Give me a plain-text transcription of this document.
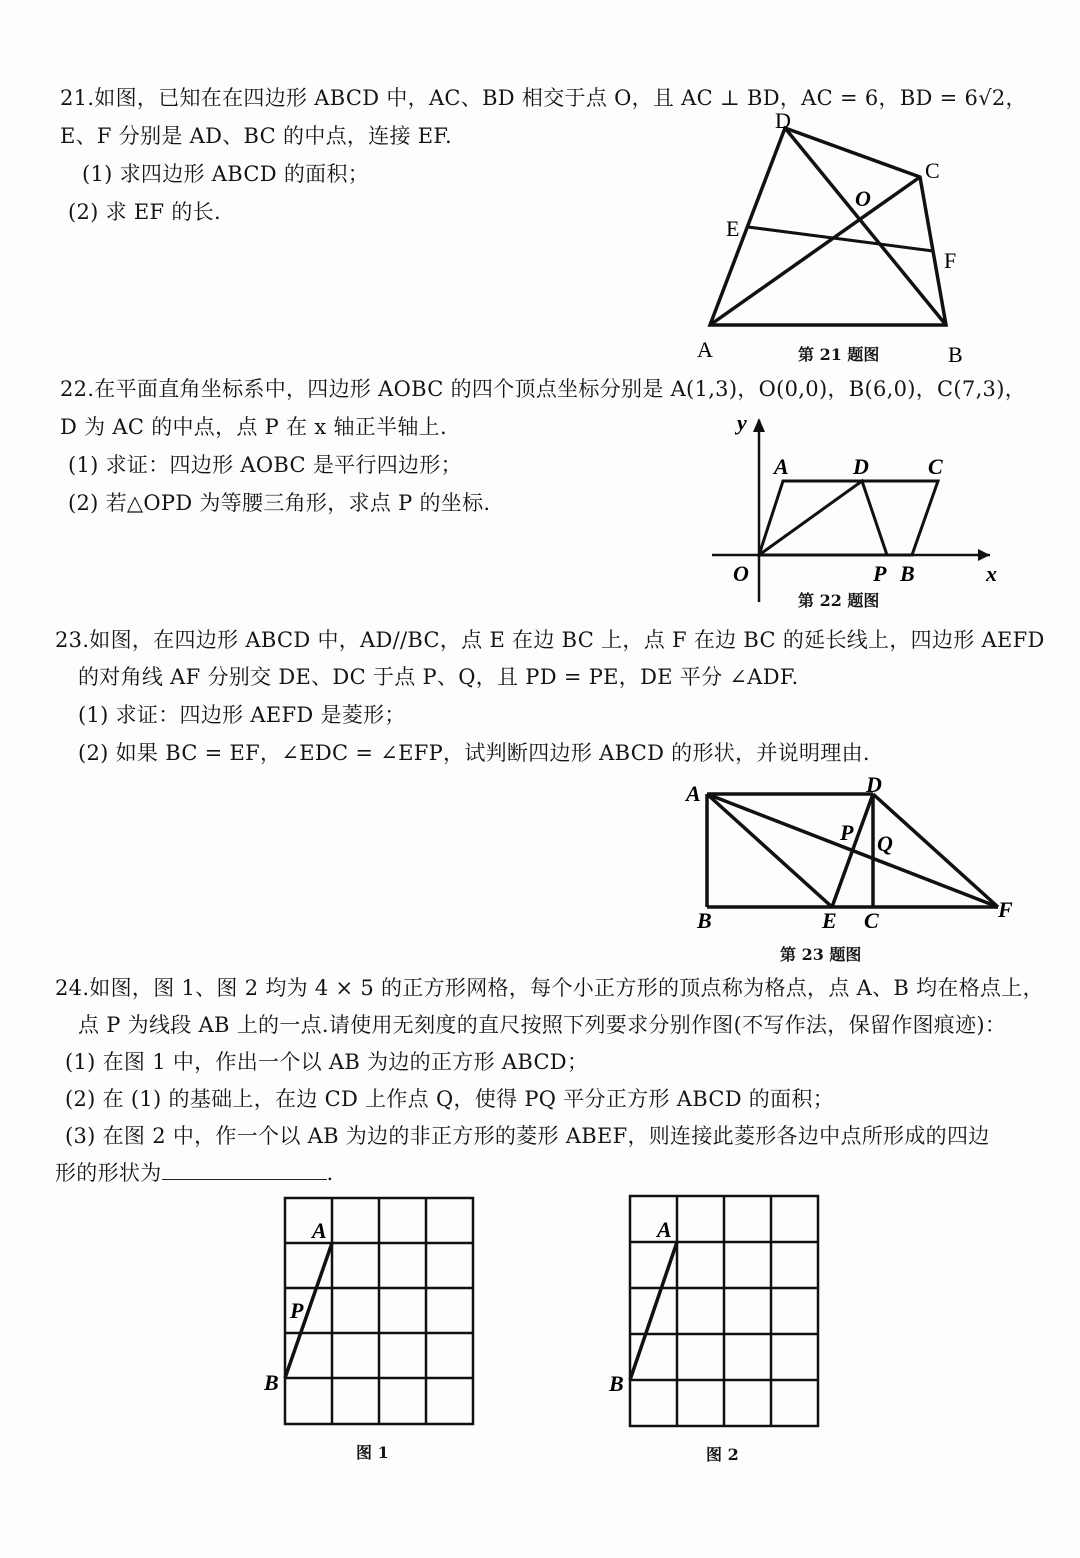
21.如图，已知在在四边形 ABCD 中，AC、BD 相交于点 O，且 AC ⊥ BD，AC = 6，BD = 6√2，
E、F 分别是 AD、BC 的中点，连接 EF.
(1) 求四边形 ABCD 的面积；
(2) 求 EF 的长.
A	B
C
D
E
F
O
第 21 题图
22.在平面直角坐标系中，四边形 AOBC 的四个顶点坐标分别是 A(1,3)，O(0,0)，B(6,0)，C(7,3)，
D 为 AC 的中点，点 P 在 x 轴正半轴上.
(1) 求证：四边形 AOBC 是平行四边形；
(2) 若△OPD 为等腰三角形，求点 P 的坐标.
y
x
A	D	C
O	P B
第 22 题图
23.如图，在四边形 ABCD 中，AD//BC，点 E 在边 BC 上，点 F 在边 BC 的延长线上，四边形 AEFD
的对角线 AF 分别交 DE、DC 于点 P、Q，且 PD = PE，DE 平分 ∠ADF.
(1) 求证：四边形 AEFD 是菱形；
(2) 如果 BC = EF，∠EDC = ∠EFP，试判断四边形 ABCD 的形状，并说明理由.
A	D
P Q
B	E C	F
第 23 题图
24.如图，图 1、图 2 均为 4 × 5 的正方形网格，每个小正方形的顶点称为格点，点 A、B 均在格点上，
点 P 为线段 AB 上的一点.请使用无刻度的直尺按照下列要求分别作图(不写作法，保留作图痕迹)：
(1) 在图 1 中，作出一个以 AB 为边的正方形 ABCD；
(2) 在 (1) 的基础上，在边 CD 上作点 Q，使得 PQ 平分正方形 ABCD 的面积；
(3) 在图 2 中，作一个以 AB 为边的非正方形的菱形 ABEF，则连接此菱形各边中点所形成的四边
形的形状为	.
A
P
B
图 1
A
B
图 2
